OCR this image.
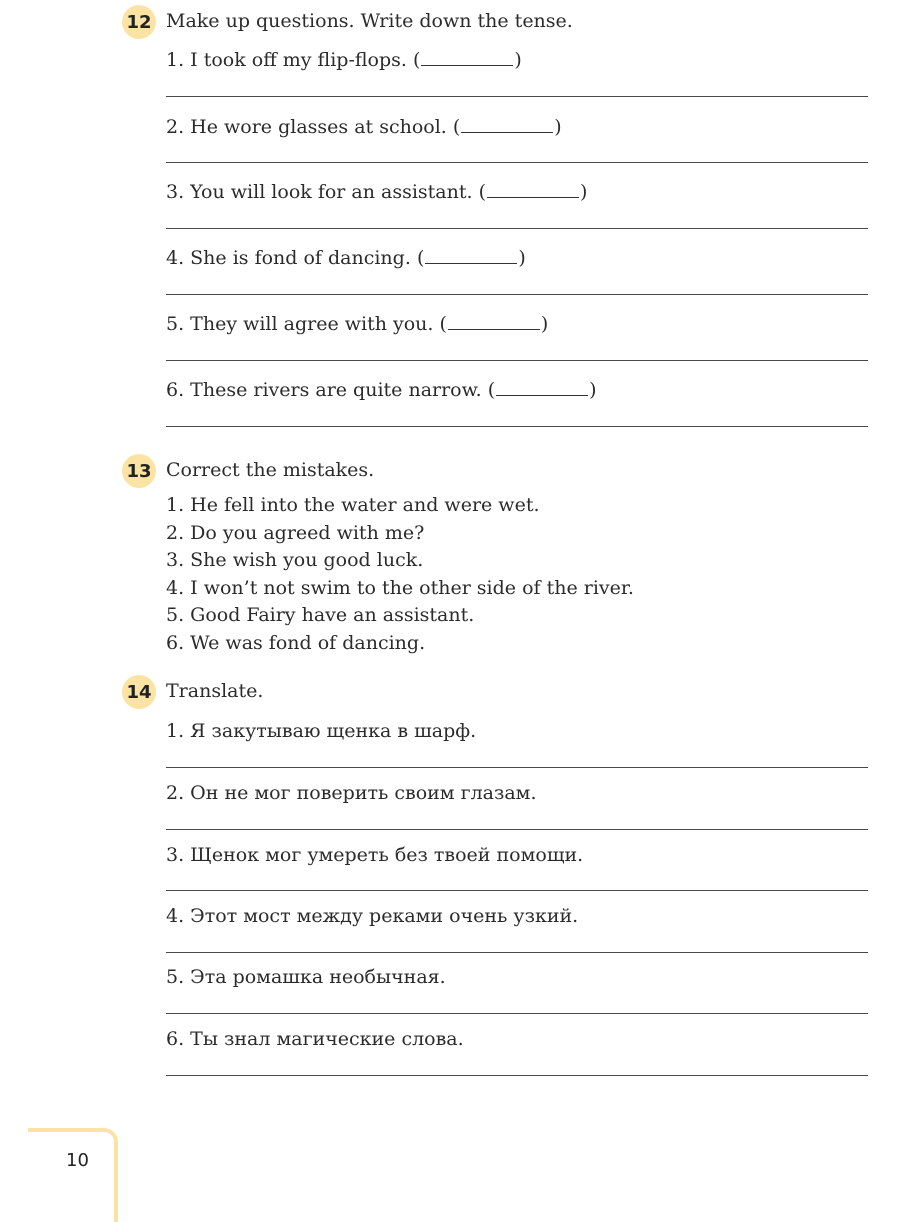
12 Make up questions. Write down the tense.
1. I took off my flip-flops. (	)
2. He wore glasses at school. (	)
3. You will look for an assistant. (	)
4. She is fond of dancing. (	)
5. They will agree with you. (	)
6. These rivers are quite narrow. (	)
13 Correct the mistakes.
1. He fell into the water and were wet.
2. Do you agreed with me?
3. She wish you good luck.
4. I won’t not swim to the other side of the river.
5. Good Fairy have an assistant.
6. We was fond of dancing.
14 Translate.
1. Я закутываю щенка в шарф.
2. Он не мог поверить своим глазам.
3. Щенок мог умереть без твоей помощи.
4. Этот мост между реками очень узкий.
5. Эта ромашка необычная.
6. Ты знал магические слова.
10
